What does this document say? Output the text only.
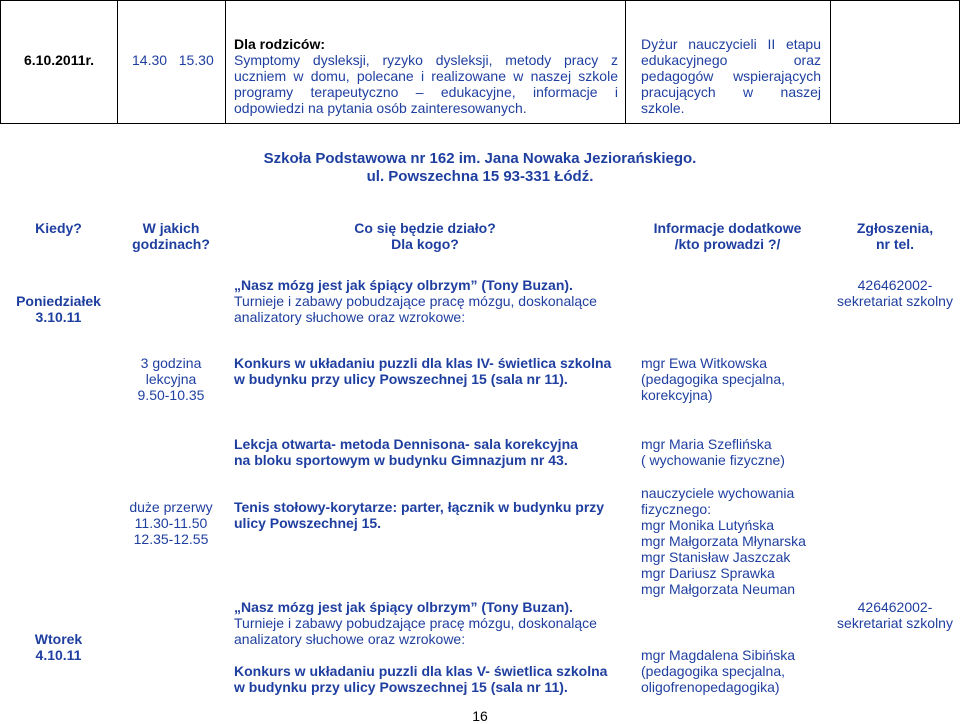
6.10.2011r.	14.30   15.30
Dla rodziców:
Symptomy dysleksji, ryzyko dysleksji, metody pracy z uczniem w domu, polecane i realizowane w naszej szkole programy terapeutyczno – edukacyjne, informacje i odpowiedzi na pytania osób zainteresowanych.
Dyżur nauczycieli II etapu edukacyjnego oraz pedagogów wspierających pracujących w naszej szkole.
Szkoła Podstawowa nr 162 im. Jana Nowaka Jeziorańskiego.
ul. Powszechna 15 93-331 Łódź.
Kiedy?	W jakich
godzinach?
Co się będzie działo?
Dla kogo?
Informacje dodatkowe
/kto prowadzi ?/
Zgłoszenia,
nr tel.
Poniedziałek
3.10.11
„Nasz mózg jest jak śpiący olbrzym” (Tony Buzan).
Turnieje i zabawy pobudzające pracę mózgu, doskonalące
analizatory słuchowe oraz wzrokowe:
426462002-
sekretariat szkolny
3 godzina
lekcyjna
9.50-10.35
Konkurs w układaniu puzzli dla klas IV- świetlica szkolna
w budynku przy ulicy Powszechnej 15 (sala nr 11).
mgr Ewa Witkowska
(pedagogika specjalna,
korekcyjna)
Lekcja otwarta- metoda Dennisona- sala korekcyjna
na bloku sportowym w budynku Gimnazjum nr 43.
mgr Maria Szeflińska
( wychowanie fizyczne)
duże przerwy
11.30-11.50
12.35-12.55
Tenis stołowy-korytarze: parter, łącznik w budynku przy
ulicy Powszechnej 15.
nauczyciele wychowania
fizycznego:
mgr Monika Lutyńska
mgr Małgorzata Młynarska
mgr Stanisław Jaszczak
mgr Dariusz Sprawka
mgr Małgorzata Neuman
Wtorek
4.10.11
„Nasz mózg jest jak śpiący olbrzym” (Tony Buzan).
Turnieje i zabawy pobudzające pracę mózgu, doskonalące
analizatory słuchowe oraz wzrokowe:
426462002-
sekretariat szkolny
Konkurs w układaniu puzzli dla klas V- świetlica szkolna
w budynku przy ulicy Powszechnej 15 (sala nr 11).
mgr Magdalena Sibińska
(pedagogika specjalna,
oligofrenopedagogika)
16
